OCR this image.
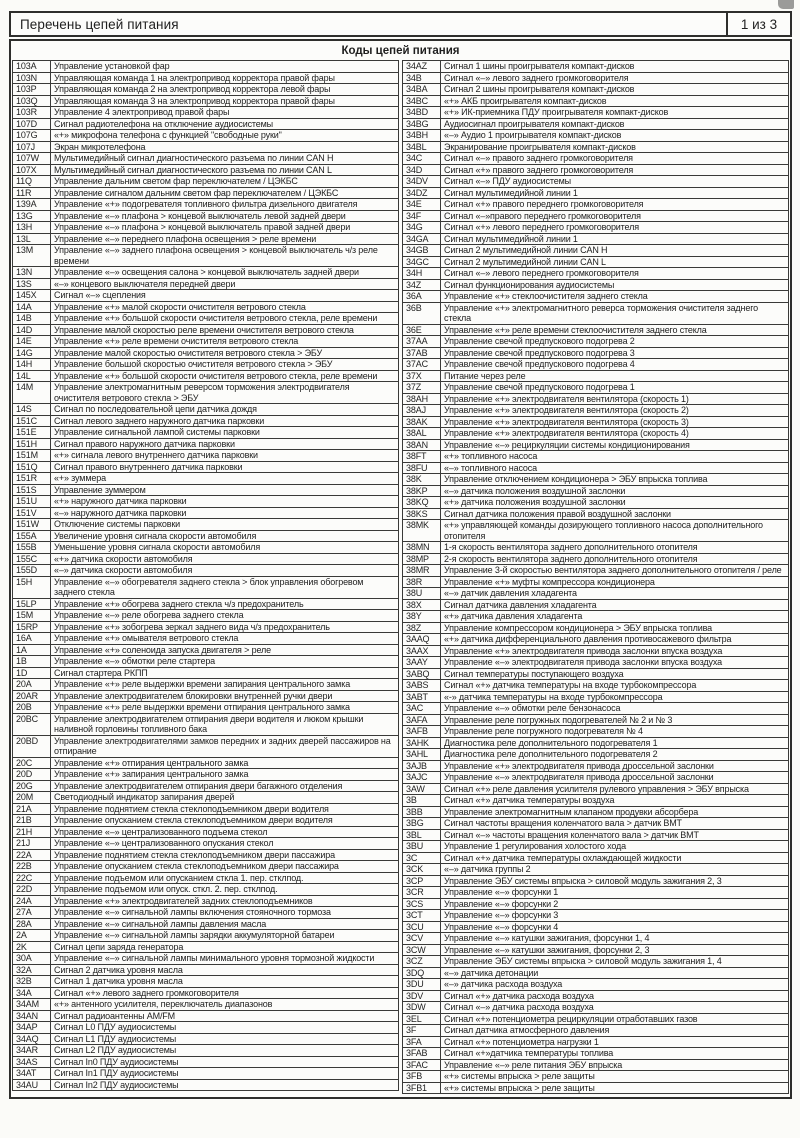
Перечень цепей питания	1 из 3
Коды цепей питания
103A	Управление установкой фар
103N	Управляющая команда 1 на электропривод корректора правой фары
103P	Управляющая команда 2 на электропривод корректора левой фары
103Q	Управляющая команда 3 на электропривод корректора правой фары
103R	Управление 4 электропривод правой фары
107D	Сигнал радиотелефона на отключение аудиосистемы
107G	«+» микрофона телефона с функцией "свободные руки"
107J	Экран микротелефона
107W	Мультимедийный сигнал диагностического разъема по линии CAN H
107X	Мультимедийный сигнал диагностического разъема по линии CAN L
11Q	Управление дальним светом фар переключателем / ЦЭКБС
11R	Управление сигналом дальним светом фар переключателем / ЦЭКБС
139A	Управление «+» подогревателя топливного фильтра дизельного двигателя
13G	Управление «–» плафона > концевой выключатель левой задней двери
13H	Управление «–» плафона > концевой выключатель правой задней двери
13L	Управление «–» переднего плафона освещения > реле времени
13M	Управление «–» заднего плафона освещения > концевой выключатель ч/з реле времени
13N	Управление «–» освещения салона > концевой выключатель задней двери
13S	«–» концевого выключателя передней двери
145X	Сигнал «–» сцепления
14A	Управление «+» малой скорости очистителя ветрового стекла
14B	Управление «+» большой скорости очистителя ветрового стекла, реле времени
14D	Управление малой скоростью реле времени очистителя ветрового стекла
14E	Управление «+» реле времени очистителя ветрового стекла
14G	Управление малой скоростью очистителя ветрового стекла > ЭБУ
14H	Управление большой скоростью очистителя ветрового стекла > ЭБУ
14L	Управление «+» большой скорости очистителя ветрового стекла, реле времени
14M	Управление электромагнитным реверсом торможения электродвигателя очистителя ветрового стекла > ЭБУ
14S	Сигнал по последовательной цепи датчика дождя
151C	Сигнал левого заднего наружного датчика парковки
151E	Управление сигнальной лампой системы парковки
151H	Сигнал правого наружного датчика парковки
151M	«+» сигнала левого внутреннего датчика парковки
151Q	Сигнал правого внутреннего датчика парковки
151R	«+» зуммера
151S	Управление зуммером
151U	«+» наружного датчика парковки
151V	«–» наружного датчика парковки
151W	Отключение системы парковки
155A	Увеличение уровня сигнала скорости автомобиля
155B	Уменьшение уровня сигнала скорости автомобиля
155C	«+» датчика скорости автомобиля
155D	«–» датчика скорости автомобиля
15H	Управление «–» обогревателя заднего стекла > блок управления обогревом заднего стекла
15LP	Управление «+» обогрева заднего стекла ч/з предохранитель
15M	Управление «–» реле обогрева заднего стекла
15RP	Управление «+» зобогрева зеркал заднего вида ч/з предохранитель
16A	Управление «+» омывателя ветрового стекла
1A	Управление «+» соленоида запуска двигателя > реле
1B	Управление «–» обмотки реле стартера
1D	Сигнал стартера РКПП
20A	Управление «+» реле выдержки времени запирания центрального замка
20AR	Управление электродвигателем блокировки внутренней ручки двери
20B	Управление «+» реле выдержки времени отпирания центрального замка
20BC	Управление электродвигателем отпирания двери водителя и люком крышки наливной горловины топливного бака
20BD	Управление электродвигателями замков передних и задних дверей пассажиров на отпирание
20C	Управление «+» отпирания центрального замка
20D	Управление «+» запирания центрального замка
20G	Управление электродвигателем отпирания двери багажного отделения
20M	Светодиодный индикатор запирания дверей
21A	Управление поднятием стекла стеклоподъемником двери водителя
21B	Управление опусканием стекла стеклоподъемником двери водителя
21H	Управление «–» централизованного подъема стекол
21J	Управление «–» централизованного опускания стекол
22A	Управление поднятием стекла стеклоподъемником двери пассажира
22B	Управление опусканием стекла стеклоподъемником двери пассажира
22C	Управление подъемом или опусканием сткла 1. пер. стклпод.
22D	Управление подъемом или опуск. сткл. 2. пер. стклпод.
24A	Управление «+» электродвигателей задних стеклоподъемников
27A	Управление «–» сигнальной лампы включения стояночного тормоза
28A	Управление «–» сигнальной лампы давления масла
2A	Управление «–» сигнальной лампы зарядки аккумуляторной батареи
2K	Сигнал цепи заряда генератора
30A	Управление «–» сигнальной лампы минимального уровня тормозной жидкости
32A	Сигнал 2 датчика уровня масла
32B	Сигнал 1 датчика уровня масла
34A	Сигнал «+» левого заднего громкоговорителя
34AM	«+» антенного усилителя, переключатель диапазонов
34AN	Сигнал радиоантенны AM/FM
34AP	Сигнал L0 ПДУ аудиосистемы
34AQ	Сигнал L1 ПДУ аудиосистемы
34AR	Сигнал L2 ПДУ аудиосистемы
34AS	Сигнал In0 ПДУ аудиосистемы
34AT	Сигнал In1 ПДУ аудиосистемы
34AU	Сигнал In2 ПДУ аудиосистемы
34AZ	Сигнал 1 шины проигрывателя компакт-дисков
34B	Сигнал «–» левого заднего громкоговорителя
34BA	Сигнал 2 шины проигрывателя компакт-дисков
34BC	«+» АКБ проигрывателя компакт-дисков
34BD	«+» ИК-приемника ПДУ проигрывателя компакт-дисков
34BG	Аудиосигнал проигрывателя компакт-дисков
34BH	«–» Аудио 1 проигрывателя компакт-дисков
34BL	Экранирование проигрывателя компакт-дисков
34C	Сигнал «–» правого заднего громкоговорителя
34D	Сигнал «+» правого заднего громкоговорителя
34DV	Сигнал «–» ПДУ аудиосистемы
34DZ	Сигнал мультимедийной линии 1
34E	Сигнал «+» правого переднего громкоговорителя
34F	Сигнал «–»правого переднего громкоговорителя
34G	Сигнал «+» левого переднего громкоговорителя
34GA	Сигнал мультимедийной линии 1
34GB	Сигнал 2 мультимедийной линии CAN H
34GC	Сигнал 2 мультимедийной линии CAN L
34H	Сигнал «–» левого переднего громкоговорителя
34Z	Сигнал функционирования аудиосистемы
36A	Управление «+» стеклоочистителя заднего стекла
36B	Управление «+» электромагнитного реверса торможения очистителя заднего стекла
36E	Управление «+» реле времени стеклоочистителя заднего стекла
37AA	Управление свечой предпускового подогрева 2
37AB	Управление свечой предпускового подогрева 3
37AC	Управление свечой предпускового подогрева 4
37X	Питание через реле
37Z	Управление свечой предпускового подогрева 1
38AH	Управление «+» электродвигателя вентилятора (скорость 1)
38AJ	Управление «+» электродвигателя вентилятора (скорость 2)
38AK	Управление «+» электродвигателя вентилятора (скорость 3)
38AL	Управление «+» электродвигателя вентилятора (скорость 4)
38AN	Управление «–» рециркуляции системы кондиционирования
38FT	«+» топливного насоса
38FU	«–» топливного насоса
38K	Управление отключением кондиционера > ЭБУ впрыска топлива
38KP	«–» датчика положения воздушной заслонки
38KQ	«+» датчика положения воздушной заслонки
38KS	Сигнал датчика положения правой воздушной заслонки
38MK	«+» управляющей команды дозирующего топливного насоса дополнительного отопителя
38MN	1-я скорость вентилятора заднего дополнительного отопителя
38MP	2-я скорость вентилятора заднего дополнительного отопителя
38MR	Управление 3-й скоростью вентилятора заднего дополнительного отопителя / реле
38R	Управление «+» муфты компрессора кондиционера
38U	«–» датчик давления хладагента
38X	Сигнал датчика давления хладагента
38Y	«+» датчика давления хладагента
38Z	Управление компрессором кондиционера > ЭБУ впрыска топлива
3AAQ	«+» датчика дифференциального давления противосажевого фильтра
3AAX	Управление «+» электродвигателя привода заслонки впуска воздуха
3AAY	Управление «–» электродвигателя привода заслонки впуска воздуха
3ABQ	Сигнал температуры поступающего воздуха
3ABS	Сигнал «+» датчика температуры на входе турбокомпрессора
3ABT	«-» датчика температуры на входе турбокомпрессора
3AC	Управление «–» обмотки реле бензонасоса
3AFA	Управление реле погружных подогревателей № 2 и № 3
3AFB	Управление реле погружного подогревателя № 4
3AHK	Диагностика реле дополнительного подогревателя 1
3AHL	Диагностика реле дополнительного подогревателя 2
3AJB	Управление «+» электродвигателя привода дроссельной заслонки
3AJC	Управление «–» электродвигателя привода дроссельной заслонки
3AW	Сигнал «+» реле давления усилителя рулевого управления > ЭБУ впрыска
3B	Сигнал «+» датчика температуры воздуха
3BB	Управление электромагнитным клапаном продувки абсорбера
3BG	Сигнал частоты вращения коленчатого вала > датчик ВМТ
3BL	Сигнал «–» частоты вращения коленчатого вала > датчик ВМТ
3BU	Управление 1 регулирования холостого хода
3C	Сигнал «+» датчика температуры охлаждающей жидкости
3CK	«–» датчика группы 2
3CP	Управление ЭБУ системы впрыска > силовой модуль зажигания 2, 3
3CR	Управление «–» форсунки 1
3CS	Управление «–» форсунки 2
3CT	Управление «–» форсунки 3
3CU	Управление «–» форсунки 4
3CV	Управление «–» катушки зажигания, форсунки 1, 4
3CW	Управление «–» катушки зажигания, форсунки 2, 3
3CZ	Управление ЭБУ системы впрыска > силовой модуль зажигания 1, 4
3DQ	«–» датчика детонации
3DU	«–» датчика расхода воздуха
3DV	Сигнал «+» датчика расхода воздуха
3DW	Сигнал «–» датчика расхода воздуха
3EL	Сигнал «+» потенциометра рециркуляции отработавших газов
3F	Сигнал датчика атмосферного давления
3FA	Сигнал «+» потенциометра нагрузки 1
3FAB	Сигнал «+»датчика температуры топлива
3FAC	Управление «–» реле питания ЭБУ впрыска
3FB	«+» системы впрыска > реле защиты
3FB1	«+» системы впрыска > реле защиты
